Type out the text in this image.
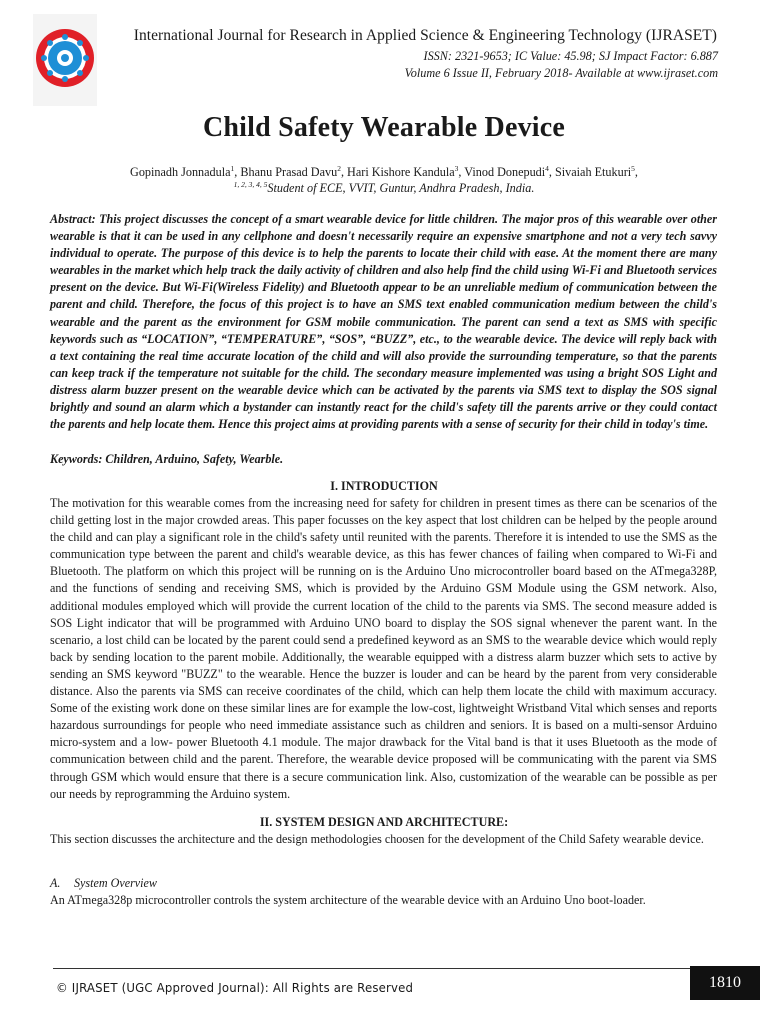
International Journal for Research in Applied Science & Engineering Technology (IJRASET)
ISSN: 2321-9653; IC Value: 45.98; SJ Impact Factor: 6.887
Volume 6 Issue II, February 2018- Available at www.ijraset.com
Child Safety Wearable Device
Gopinadh Jonnadula$^1$, Bhanu Prasad Davu$^2$, Hari Kishore Kandula$^3$, Vinod Donepudi$^4$, Sivaiah Etukuri$^5$,
$^{1, 2, 3, 4, 5}$Student of ECE, VVIT, Guntur, Andhra Pradesh, India.
Abstract: This project discusses the concept of a smart wearable device for little children. The major pros of this wearable over other wearable is that it can be used in any cellphone and doesn't necessarily require an expensive smartphone and not a very tech savvy individual to operate. The purpose of this device is to help the parents to locate their child with ease. At the moment there are many wearables in the market which help track the daily activity of children and also help find the child using Wi-Fi and Bluetooth services present on the device. But Wi-Fi(Wireless Fidelity) and Bluetooth appear to be an unreliable medium of communication between the parent and child. Therefore, the focus of this project is to have an SMS text enabled communication medium between the child's wearable and the parent as the environment for GSM mobile communication. The parent can send a text as SMS with specific keywords such as “LOCATION”, “TEMPERATURE”, “SOS”, “BUZZ”, etc., to the wearable device. The device will reply back with a text containing the real time accurate location of the child and will also provide the surrounding temperature, so that the parents can keep track if the temperature not suitable for the child. The secondary measure implemented was using a bright SOS Light and distress alarm buzzer present on the wearable device which can be activated by the parents via SMS text to display the SOS signal brightly and sound an alarm which a bystander can instantly react for the child's safety till the parents arrive or they could contact the parents and help locate them. Hence this project aims at providing parents with a sense of security for their child in today's time.
Keywords: Children, Arduino, Safety, Wearble.
I. INTRODUCTION
The motivation for this wearable comes from the increasing need for safety for children in present times as there can be scenarios of the child getting lost in the major crowded areas. This paper focusses on the key aspect that lost children can be helped by the people around the child and can play a significant role in the child's safety until reunited with the parents. Therefore it is intended to use the SMS as the communication type between the parent and child's wearable device, as this has fewer chances of failing when compared to Wi-Fi and Bluetooth. The platform on which this project will be running on is the Arduino Uno microcontroller board based on the ATmega328P, and the functions of sending and receiving SMS, which is provided by the Arduino GSM Module using the GSM network. Also, additional modules employed which will provide the current location of the child to the parents via SMS. The second measure added is SOS Light indicator that will be programmed with Arduino UNO board to display the SOS signal whenever the parent want. In the scenario, a lost child can be located by the parent could send a predefined keyword as an SMS to the wearable device which would reply back by sending location to the parent mobile. Additionally, the wearable equipped with a distress alarm buzzer which sets to active by sending an SMS keyword "BUZZ" to the wearable. Hence the buzzer is louder and can be heard by the parent from very considerable distance. Also the parents via SMS can receive coordinates of the child, which can help them locate the child with maximum accuracy. Some of the existing work done on these similar lines are for example the low-cost, lightweight Wristband Vital which senses and reports hazardous surroundings for people who need immediate assistance such as children and seniors. It is based on a multi-sensor Arduino micro-system and a low- power Bluetooth 4.1 module. The major drawback for the Vital band is that it uses Bluetooth as the mode of communication between child and the parent. Therefore, the wearable device proposed will be communicating with the parent via SMS through GSM which would ensure that there is a secure communication link. Also, customization of the wearable can be possible as per our needs by reprogramming the Arduino system.
II. SYSTEM DESIGN AND ARCHITECTURE:
This section discusses the architecture and the design methodologies choosen for the development of the Child Safety wearable device.
A. System Overview
An ATmega328p microcontroller controls the system architecture of the wearable device with an Arduino Uno boot-loader.
© IJRASET (UGC Approved Journal): All Rights are Reserved	1810
